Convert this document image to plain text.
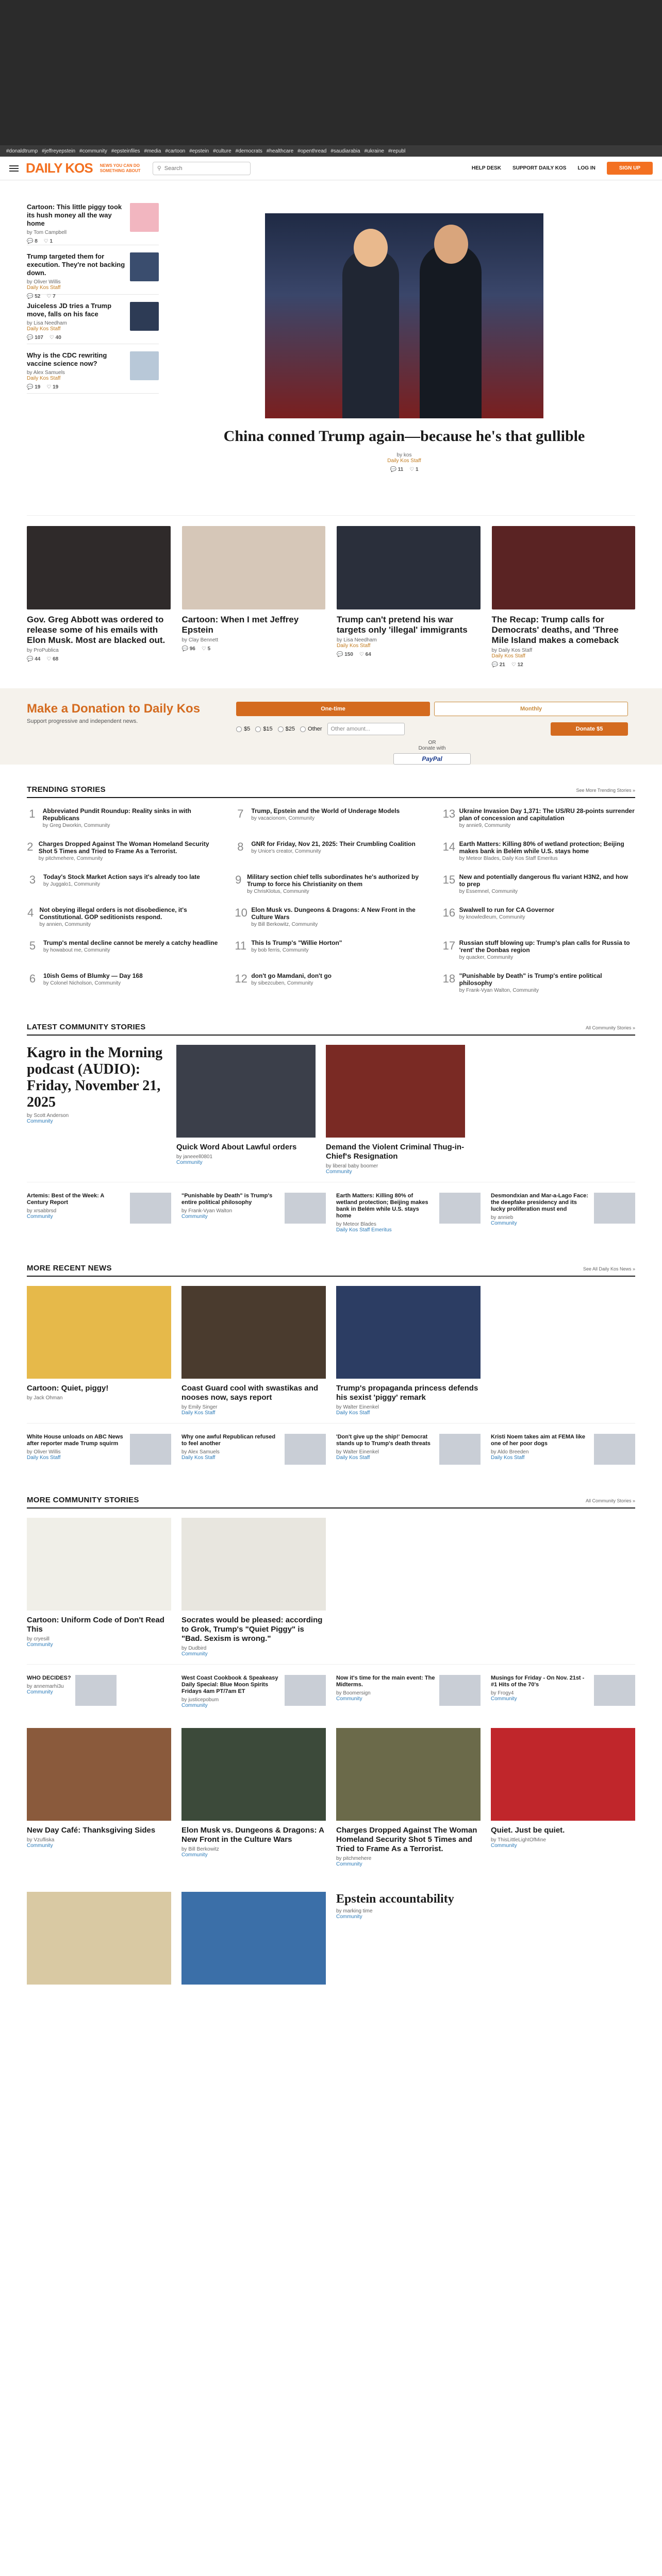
#donaldtrump #jeffreyepstein #community #epsteinfiles #media #cartoon #epstein #culture #democrats #healthcare #openthread #saudiarabia #ukraine #republ
DAILY KOS NEWS YOU CAN DO SOMETHING ABOUT	⚲
Search	HELP DESK SUPPORT DAILY KOS LOG IN	SIGN UP
Cartoon: This little piggy took its hush money all the way home
by Tom Campbell
💬 8 ♡ 1
Trump targeted them for execution. They're not backing down.
by Oliver Willis
Daily Kos Staff
💬 52 ♡ 7
Juiceless JD tries a Trump move, falls on his face
by Lisa Needham
Daily Kos Staff
💬 107 ♡ 40
Why is the CDC rewriting vaccine science now?
by Alex Samuels
Daily Kos Staff
💬 19 ♡ 19
China conned Trump again—because he's that gullible
by kos
Daily Kos Staff
💬 11 ♡ 1
Gov. Greg Abbott was ordered to release some of his emails with Elon Musk. Most are blacked out.
by ProPublica
💬 44 ♡ 68
Cartoon: When I met Jeffrey Epstein
by Clay Bennett
💬 96 ♡ 5
Trump can't pretend his war targets only 'illegal' immigrants
by Lisa Needham
Daily Kos Staff
💬 150 ♡ 64
The Recap: Trump calls for Democrats' deaths, and 'Three Mile Island makes a comeback
by Daily Kos Staff
Daily Kos Staff
💬 21 ♡ 12
Make a Donation to Daily Kos

Support progressive and independent news.

One-time	Monthly
$5 $15 $25 Other	Other amount...	Donate $5
OR
Donate with
PayPal
TRENDING STORIES	See More Trending Stories »
1	Abbreviated Pundit Roundup: Reality sinks in with Republicans
by Greg Dworkin, Community
7	Trump, Epstein and the World of Underage Models
by vacacionom, Community	13 Ukraine Invasion Day 1,371: The US/RU 28-points surrender plan of concession and capitulation
by annie9, Community
2 Charges Dropped Against The Woman Homeland Security Shot 5 Times and Tried to Frame As a Terrorist.
by pitchmehere, Community
8	GNR for Friday, Nov 21, 2025: Their Crumbling Coalition
by Unice's creator, Community	14 Earth Matters: Killing 80% of wetland protection; Beijing makes bank in Belém while U.S. stays home
by Meteor Blades, Daily Kos Staff Emeritus
3	Today's Stock Market Action says it's already too late
by Juggalo1, Community	9 Military section chief tells subordinates he's authorized by Trump to force his Christianity on them
by ChrisKlotus, Community
15 New and potentially dangerous flu variant H3N2, and how to prep
by Essemnel, Community
4 Not obeying illegal orders is not disobedience, it's Constitutional. GOP seditionists respond.
by annien, Community
10 Elon Musk vs. Dungeons & Dragons: A New Front in the Culture Wars
by Bill Berkowitz, Community
16 Swalwell to run for CA Governor
by knowledleum, Community
5	Trump's mental decline cannot be merely a catchy headline
by howabout me, Community	11 This Is Trump's "Willie Horton"
by bob ferris, Community	17 Russian stuff blowing up: Trump's plan calls for Russia to 'rent' the Donbas region
by quacker, Community
6	10ish Gems of Blumky — Day 168
by Colonel Nicholson, Community	12 don't go Mamdani, don't go
by sibezcuben, Community	18 "Punishable by Death" is Trump's entire political philosophy
by Frank-Vyan Walton, Community
LATEST COMMUNITY STORIES	All Community Stories »
Kagro in the Morning podcast (AUDIO): Friday, November 21, 2025
by Scott Anderson
Community
Quick Word About Lawful orders
by janeeell0801
Community
Demand the Violent Criminal Thug-in-Chief's Resignation
by liberal baby boomer
Community
Artemis: Best of the Week: A Century Report
by xrsabbrsd
Community
"Punishable by Death" is Trump's entire political philosophy
by Frank-Vyan Walton
Community
Earth Matters: Killing 80% of wetland protection; Beijing makes bank in Belém while U.S. stays home
by Meteor Blades
Daily Kos Staff Emeritus
Desmondxian and Mar-a-Lago Face: the deepfake presidency and its lucky proliferation must end
by annieb
Community
MORE RECENT NEWS	See All Daily Kos News »
Cartoon: Quiet, piggy!
by Jack Ohman
Coast Guard cool with swastikas and nooses now, says report
by Emily Singer
Daily Kos Staff
Trump's propaganda princess defends his sexist 'piggy' remark
by Walter Einenkel
Daily Kos Staff
White House unloads on ABC News after reporter made Trump squirm
by Oliver Willis
Daily Kos Staff
Why one awful Republican refused to feel another
by Alex Samuels
Daily Kos Staff
'Don't give up the ship!' Democrat stands up to Trump's death threats
by Walter Einenkel
Daily Kos Staff
Kristi Noem takes aim at FEMA like one of her poor dogs
by Aldo Breeden
Daily Kos Staff
MORE COMMUNITY STORIES	All Community Stories »
Cartoon: Uniform Code of Don't Read This
by cryesill
Community
Socrates would be pleased: according to Grok, Trump's "Quiet Piggy" is "Bad. Sexism is wrong."
by Dudbird
Community
WHO DECIDES?
by annemarhi3u
Community
West Coast Cookbook & Speakeasy Daily Special: Blue Moon Spirits Fridays 4am PT/7am ET
by justicepobum
Community
Now it's time for the main event: The Midterms.
by Boomersign
Community
Musings for Friday - On Nov. 21st - #1 Hits of the 70's
by Frogy4
Community
New Day Café: Thanksgiving Sides
by Vzufliska
Community
Elon Musk vs. Dungeons & Dragons: A New Front in the Culture Wars
by Bill Berkowitz
Community
Charges Dropped Against The Woman Homeland Security Shot 5 Times and Tried to Frame As a Terrorist.
by pitchmehere
Community
Quiet. Just be quiet.
by ThisLittleLightOfMine
Community
Epstein accountability
by marking time
Community
